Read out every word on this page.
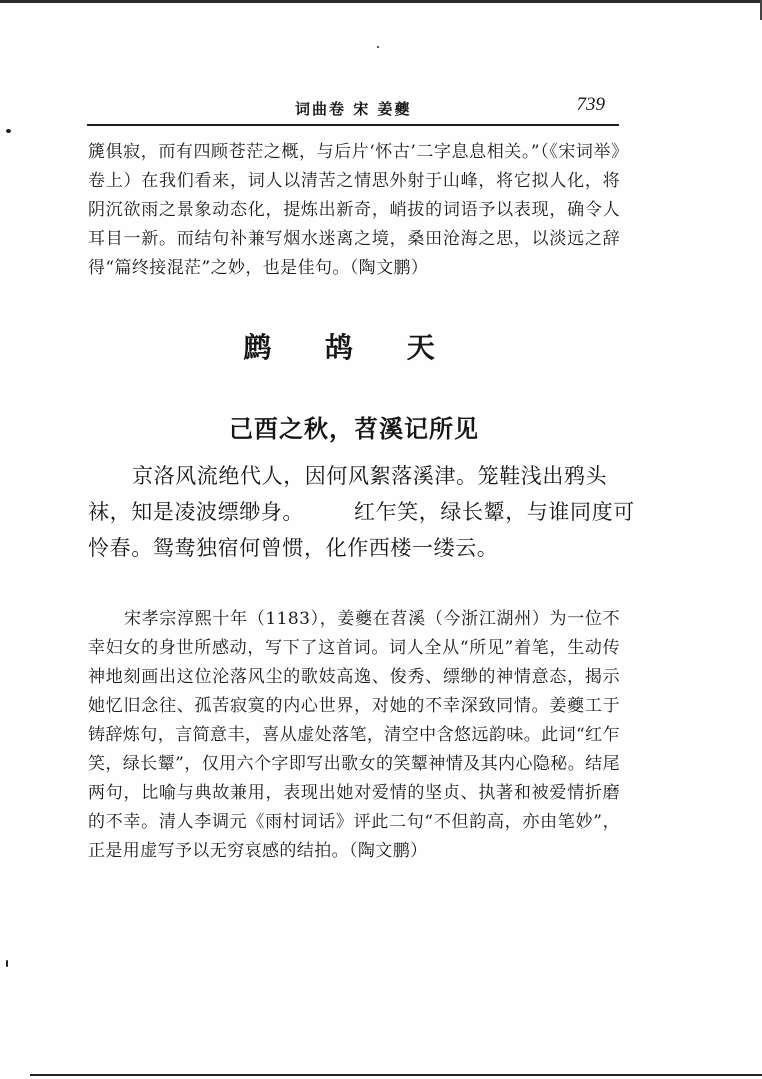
词曲卷 宋 姜夔	739

篪俱寂，而有四顾苍茫之概，与后片‘怀古’二字息息相关。”（《宋词举》卷上）在我们看来，词人以清苦之情思外射于山峰，将它拟人化，将阴沉欲雨之景象动态化，提炼出新奇，峭拔的词语予以表现，确令人耳目一新。而结句补兼写烟水迷离之境，桑田沧海之思，以淡远之辞得“篇终接混茫”之妙，也是佳句。（陶文鹏）

鹧 鸪 天
己酉之秋，苕溪记所见
京洛风流绝代人，因何风絮落溪津。笼鞋浅出鸦头
袜，知是凌波缥缈身。 红乍笑，绿长颦，与谁同度可
怜春。鸳鸯独宿何曾惯，化作西楼一缕云。

宋孝宗淳熙十年（1183），姜夔在苕溪（今浙江湖州）为一位不幸妇女的身世所感动，写下了这首词。词人全从“所见”着笔，生动传神地刻画出这位沦落风尘的歌妓高逸、俊秀、缥缈的神情意态，揭示她忆旧念往、孤苦寂寞的内心世界，对她的不幸深致同情。姜夔工于铸辞炼句，言简意丰，喜从虚处落笔，清空中含悠远韵味。此词“红乍笑，绿长颦”，仅用六个字即写出歌女的笑颦神情及其内心隐秘。结尾两句，比喻与典故兼用，表现出她对爱情的坚贞、执著和被爱情折磨的不幸。清人李调元《雨村词话》评此二句“不但韵高，亦由笔妙”，正是用虚写予以无穷哀感的结拍。（陶文鹏）
